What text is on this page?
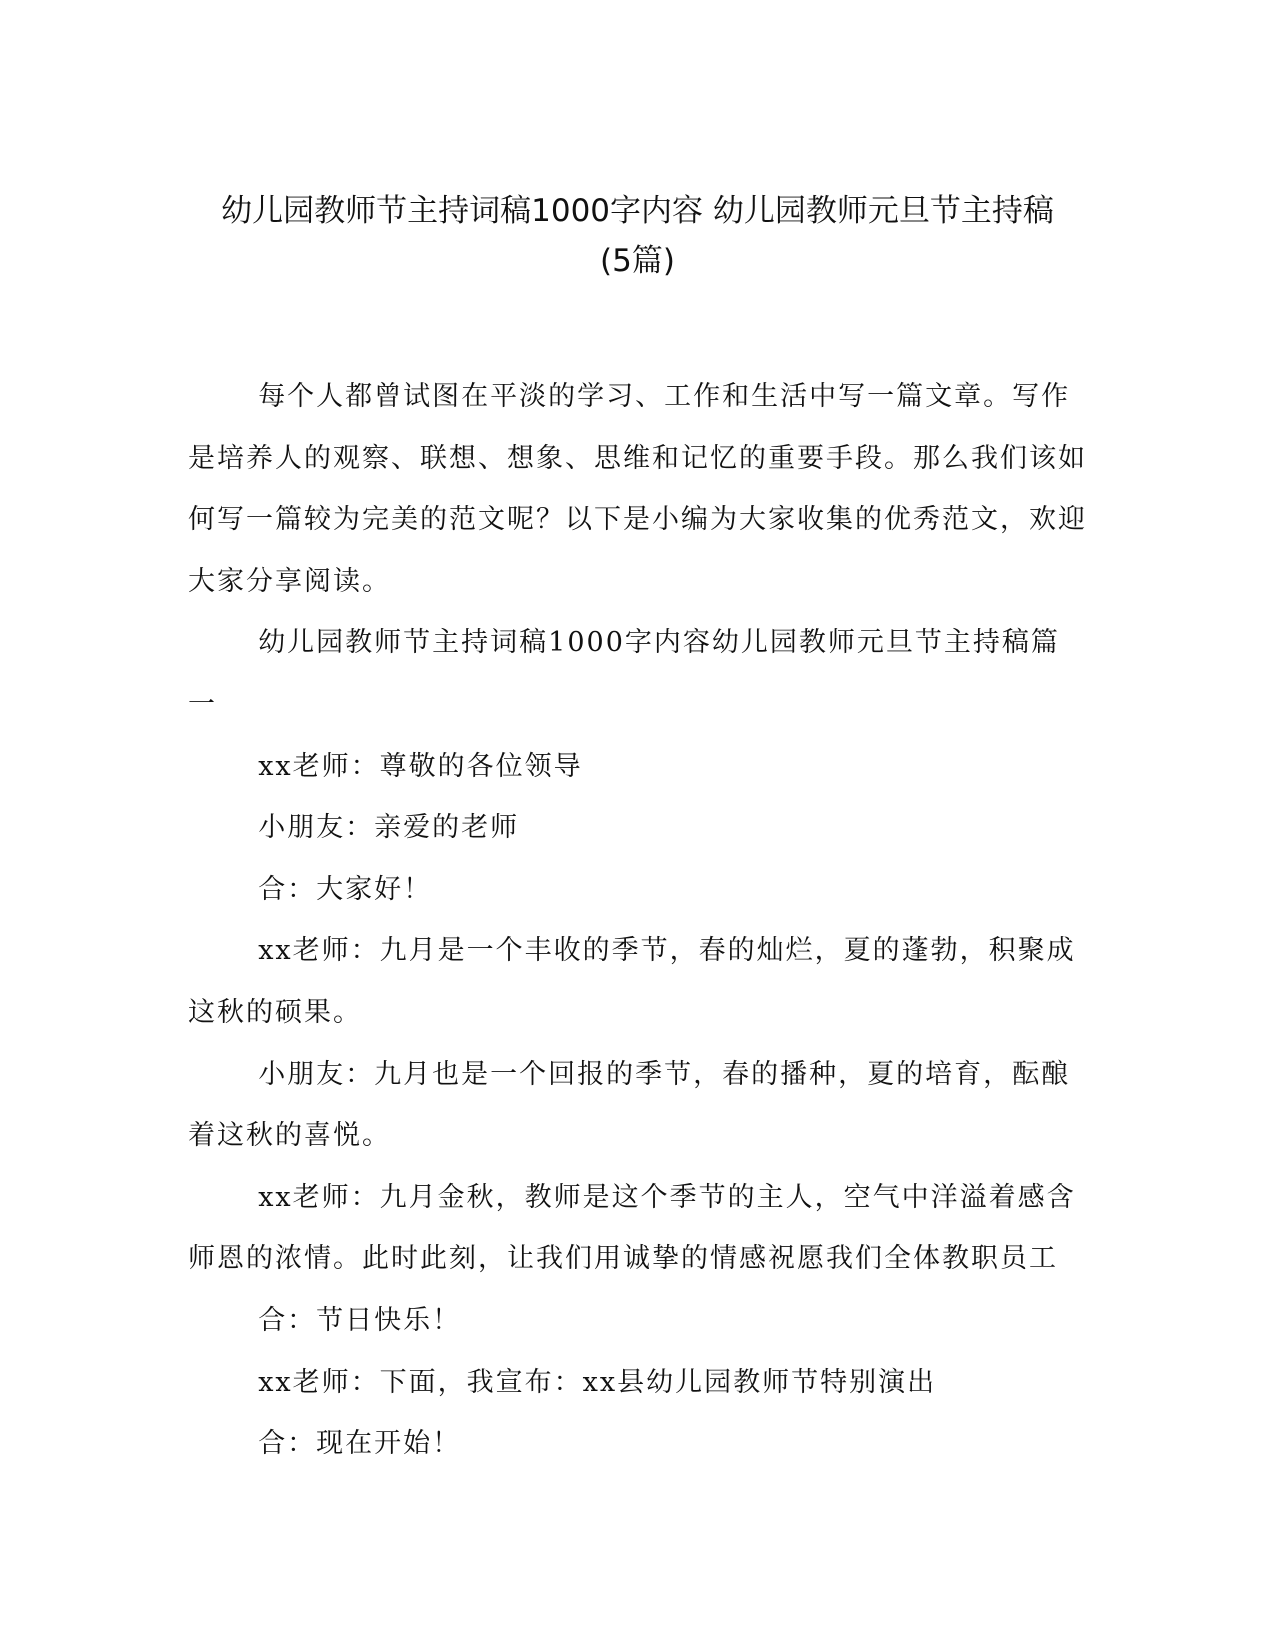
幼儿园教师节主持词稿1000字内容 幼儿园教师元旦节主持稿
(5篇)

每个人都曾试图在平淡的学习、工作和生活中写一篇文章。写作是培养人的观察、联想、想象、思维和记忆的重要手段。那么我们该如何写一篇较为完美的范文呢？以下是小编为大家收集的优秀范文，欢迎大家分享阅读。

幼儿园教师节主持词稿1000字内容幼儿园教师元旦节主持稿篇一

xx老师：尊敬的各位领导

小朋友：亲爱的老师

合：大家好！

xx老师：九月是一个丰收的季节，春的灿烂，夏的蓬勃，积聚成这秋的硕果。

小朋友：九月也是一个回报的季节，春的播种，夏的培育，酝酿着这秋的喜悦。

xx老师：九月金秋，教师是这个季节的主人，空气中洋溢着感含师恩的浓情。此时此刻，让我们用诚挚的情感祝愿我们全体教职员工

合：节日快乐！

xx老师：下面，我宣布：xx县幼儿园教师节特别演出

合：现在开始！
